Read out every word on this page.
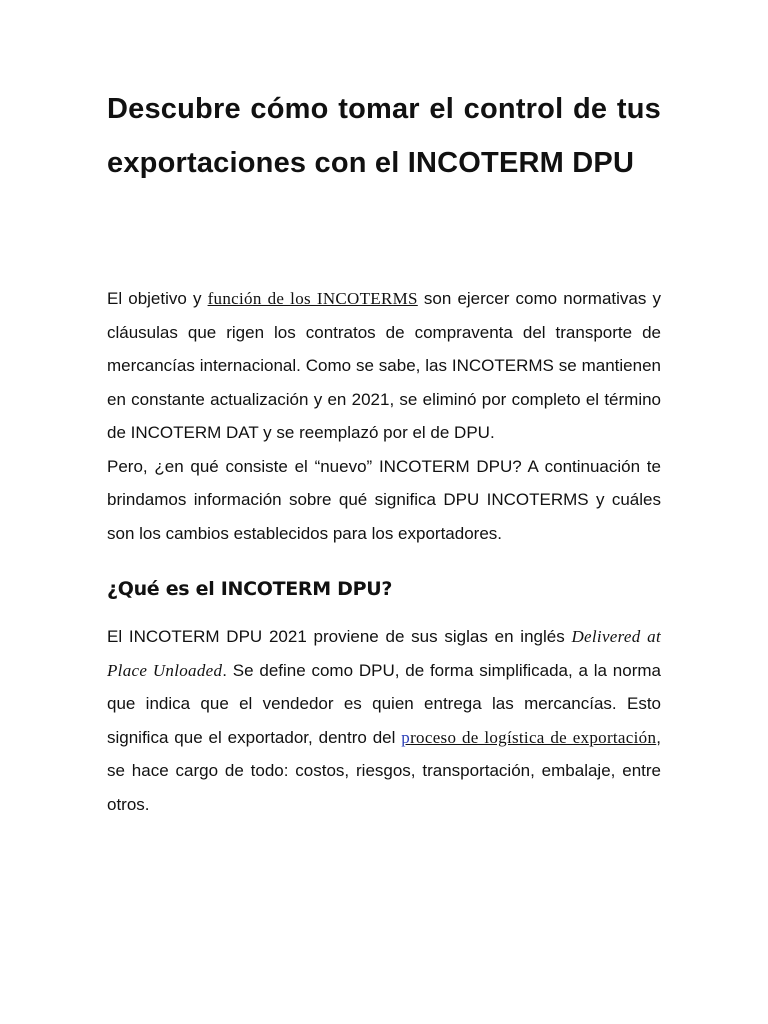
Descubre cómo tomar el control de tus exportaciones con el INCOTERM DPU

El objetivo y función de los INCOTERMS son ejercer como normativas y cláusulas que rigen los contratos de compraventa del transporte de mercancías internacional. Como se sabe, las INCOTERMS se mantienen en constante actualización y en 2021, se eliminó por completo el término de INCOTERM DAT y se reemplazó por el de DPU.

Pero, ¿en qué consiste el “nuevo” INCOTERM DPU? A continuación te brindamos información sobre qué significa DPU INCOTERMS y cuáles son los cambios establecidos para los exportadores.

¿Qué es el INCOTERM DPU?

El INCOTERM DPU 2021 proviene de sus siglas en inglés Delivered at Place Unloaded. Se define como DPU, de forma simplificada, a la norma que indica que el vendedor es quien entrega las mercancías. Esto significa que el exportador, dentro del proceso de logística de exportación, se hace cargo de todo: costos, riesgos, transportación, embalaje, entre otros.
